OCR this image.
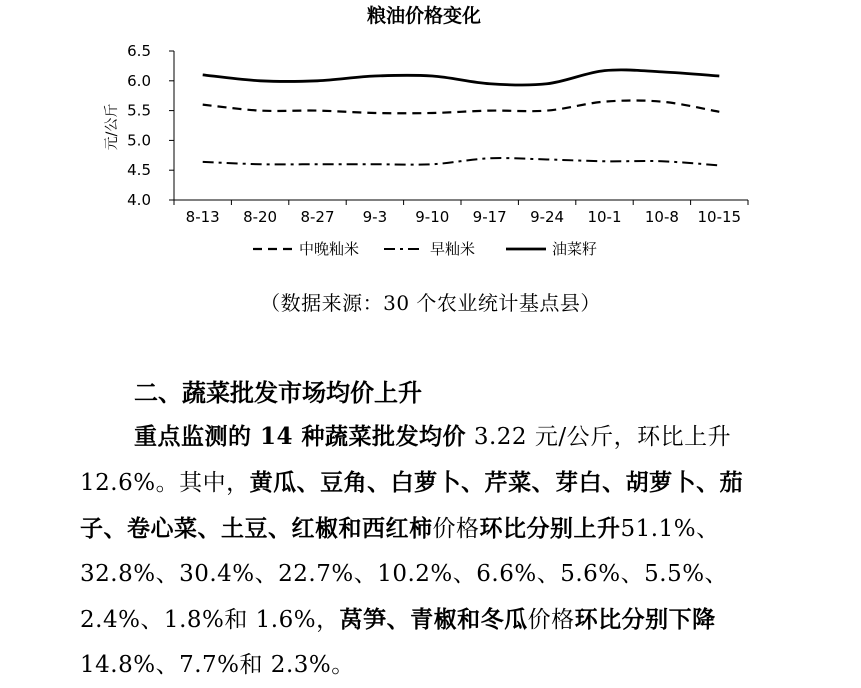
粮油价格变化
元/公斤
6.5
6.0
5.5
5.0
4.5
4.0
8-13 8-20 8-27 9-3 9-10 9-17 9-24 10-1 10-8 10-15
中晚籼米	早籼米	油菜籽
（数据来源：30 个农业统计基点县）
二、蔬菜批发市场均价上升
重点监测的 14 种蔬菜批发均价 3.22 元/公斤，环比上升 12.6%。其中，黄瓜、豆角、白萝卜、芹菜、芽白、胡萝卜、茄子、卷心菜、土豆、红椒和西红柿价格环比分别上升51.1%、32.8%、30.4%、22.7%、10.2%、6.6%、5.6%、5.5%、2.4%、1.8%和 1.6%，莴笋、青椒和冬瓜价格环比分别下降14.8%、7.7%和 2.3%。
